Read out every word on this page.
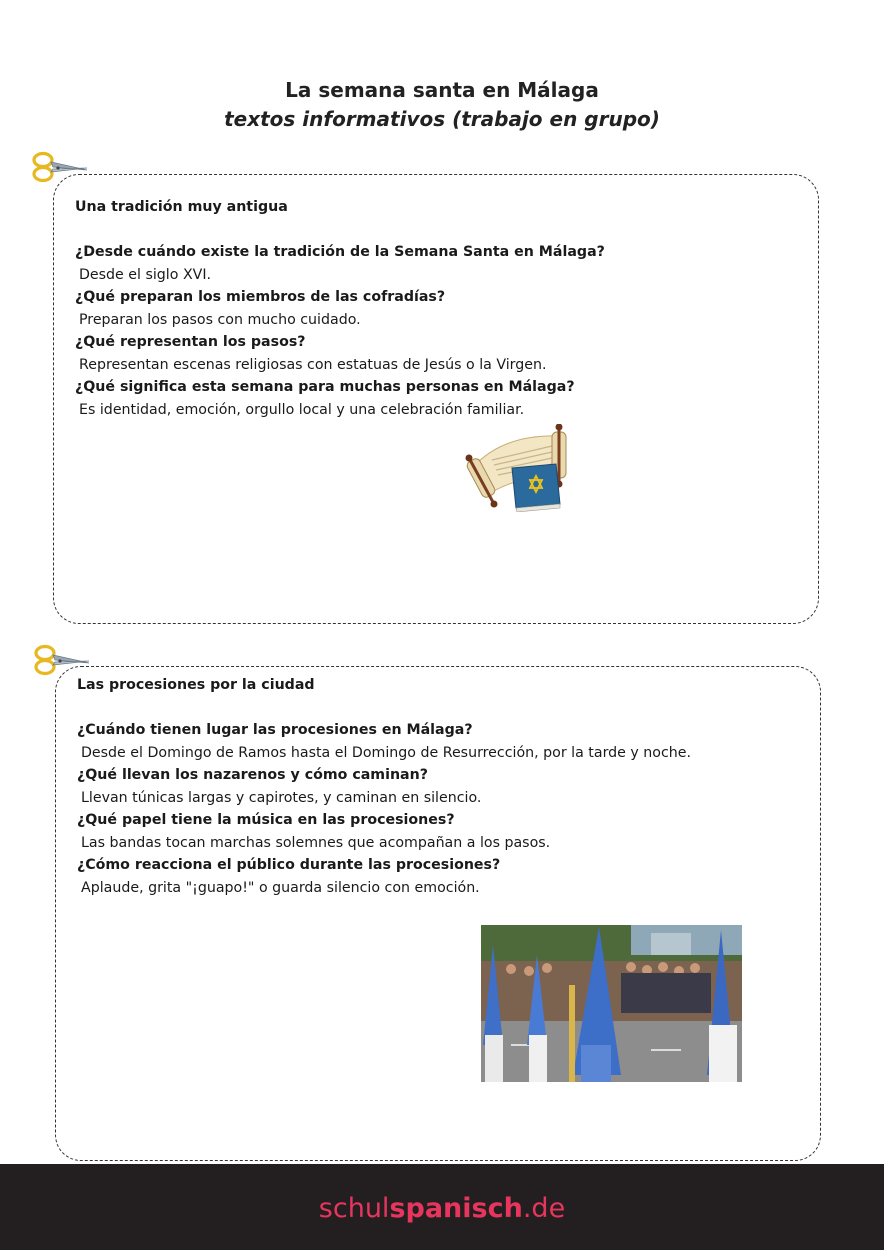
La semana santa en Málaga
textos informativos (trabajo en grupo)
Una tradición muy antigua
¿Desde cuándo existe la tradición de la Semana Santa en Málaga?
Desde el siglo XVI.
¿Qué preparan los miembros de las cofradías?
Preparan los pasos con mucho cuidado.
¿Qué representan los pasos?
Representan escenas religiosas con estatuas de Jesús o la Virgen.
¿Qué significa esta semana para muchas personas en Málaga?
Es identidad, emoción, orgullo local y una celebración familiar.
Las procesiones por la ciudad
¿Cuándo tienen lugar las procesiones en Málaga?
Desde el Domingo de Ramos hasta el Domingo de Resurrección, por la tarde y noche.
¿Qué llevan los nazarenos y cómo caminan?
Llevan túnicas largas y capirotes, y caminan en silencio.
¿Qué papel tiene la música en las procesiones?
Las bandas tocan marchas solemnes que acompañan a los pasos.
¿Cómo reacciona el público durante las procesiones?
Aplaude, grita "¡guapo!" o guarda silencio con emoción.
schulspanisch.de
